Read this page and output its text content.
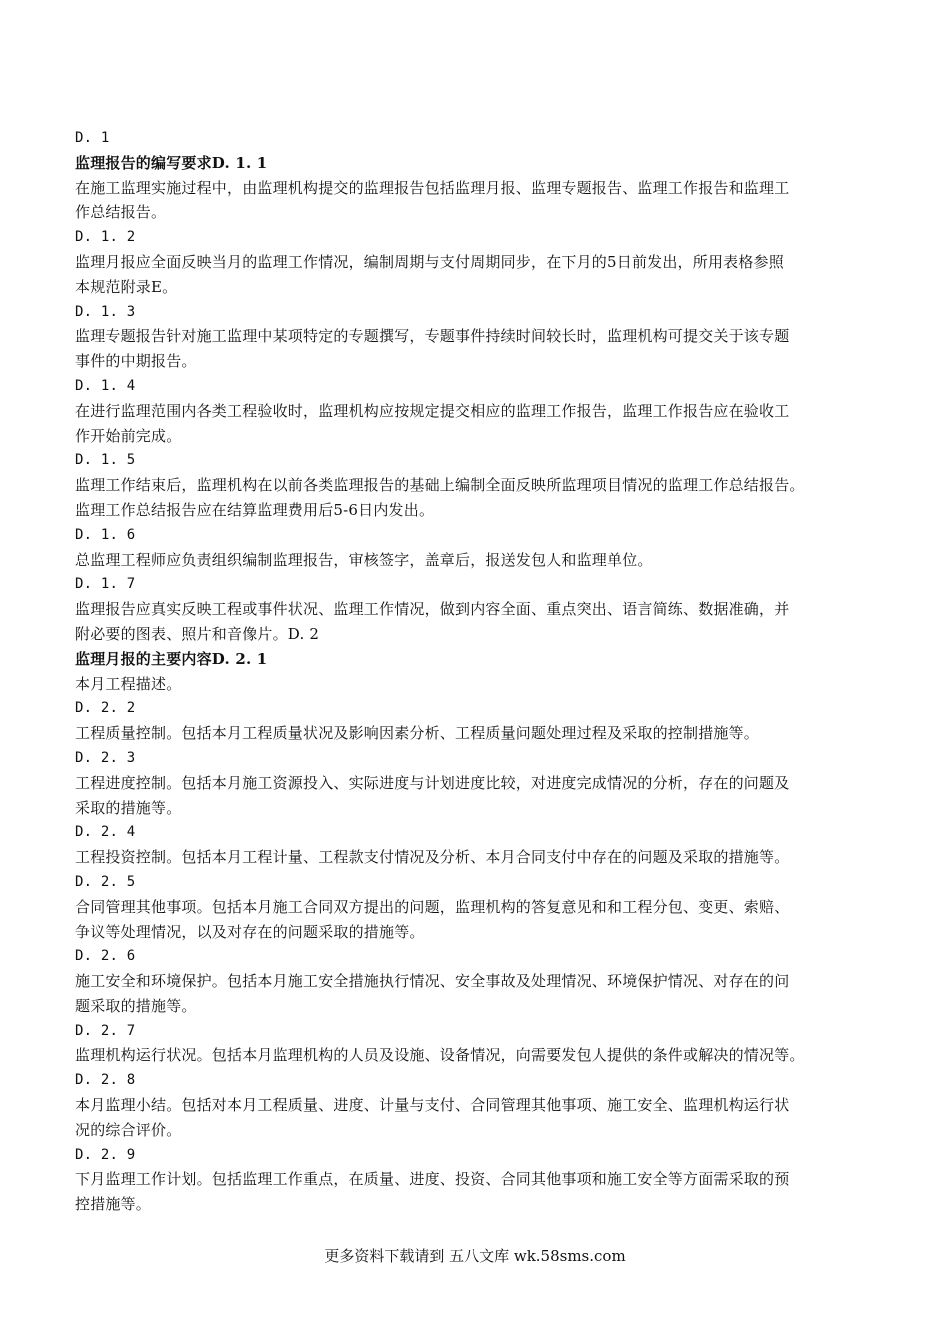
D. 1
监理报告的编写要求D. 1. 1
在施工监理实施过程中，由监理机构提交的监理报告包括监理月报、监理专题报告、监理工作报告和监理工
作总结报告。
D. 1. 2
监理月报应全面反映当月的监理工作情况，编制周期与支付周期同步，在下月的5日前发出，所用表格参照
本规范附录E。
D. 1. 3
监理专题报告针对施工监理中某项特定的专题撰写，专题事件持续时间较长时，监理机构可提交关于该专题
事件的中期报告。
D. 1. 4
在进行监理范围内各类工程验收时，监理机构应按规定提交相应的监理工作报告，监理工作报告应在验收工
作开始前完成。
D. 1. 5
监理工作结束后，监理机构在以前各类监理报告的基础上编制全面反映所监理项目情况的监理工作总结报告。
监理工作总结报告应在结算监理费用后5-6日内发出。
D. 1. 6
总监理工程师应负责组织编制监理报告，审核签字，盖章后，报送发包人和监理单位。
D. 1. 7
监理报告应真实反映工程或事件状况、监理工作情况，做到内容全面、重点突出、语言简练、数据准确，并
附必要的图表、照片和音像片。D. 2
监理月报的主要内容D. 2. 1
本月工程描述。
D. 2. 2
工程质量控制。包括本月工程质量状况及影响因素分析、工程质量问题处理过程及采取的控制措施等。
D. 2. 3
工程进度控制。包括本月施工资源投入、实际进度与计划进度比较，对进度完成情况的分析，存在的问题及
采取的措施等。
D. 2. 4
工程投资控制。包括本月工程计量、工程款支付情况及分析、本月合同支付中存在的问题及采取的措施等。
D. 2. 5
合同管理其他事项。包括本月施工合同双方提出的问题，监理机构的答复意见和和工程分包、变更、索赔、
争议等处理情况，以及对存在的问题采取的措施等。
D. 2. 6
施工安全和环境保护。包括本月施工安全措施执行情况、安全事故及处理情况、环境保护情况、对存在的问
题采取的措施等。
D. 2. 7
监理机构运行状况。包括本月监理机构的人员及设施、设备情况，向需要发包人提供的条件或解决的情况等。
D. 2. 8
本月监理小结。包括对本月工程质量、进度、计量与支付、合同管理其他事项、施工安全、监理机构运行状
况的综合评价。
D. 2. 9
下月监理工作计划。包括监理工作重点，在质量、进度、投资、合同其他事项和施工安全等方面需采取的预
控措施等。
更多资料下载请到 五八文库 wk.58sms.com
